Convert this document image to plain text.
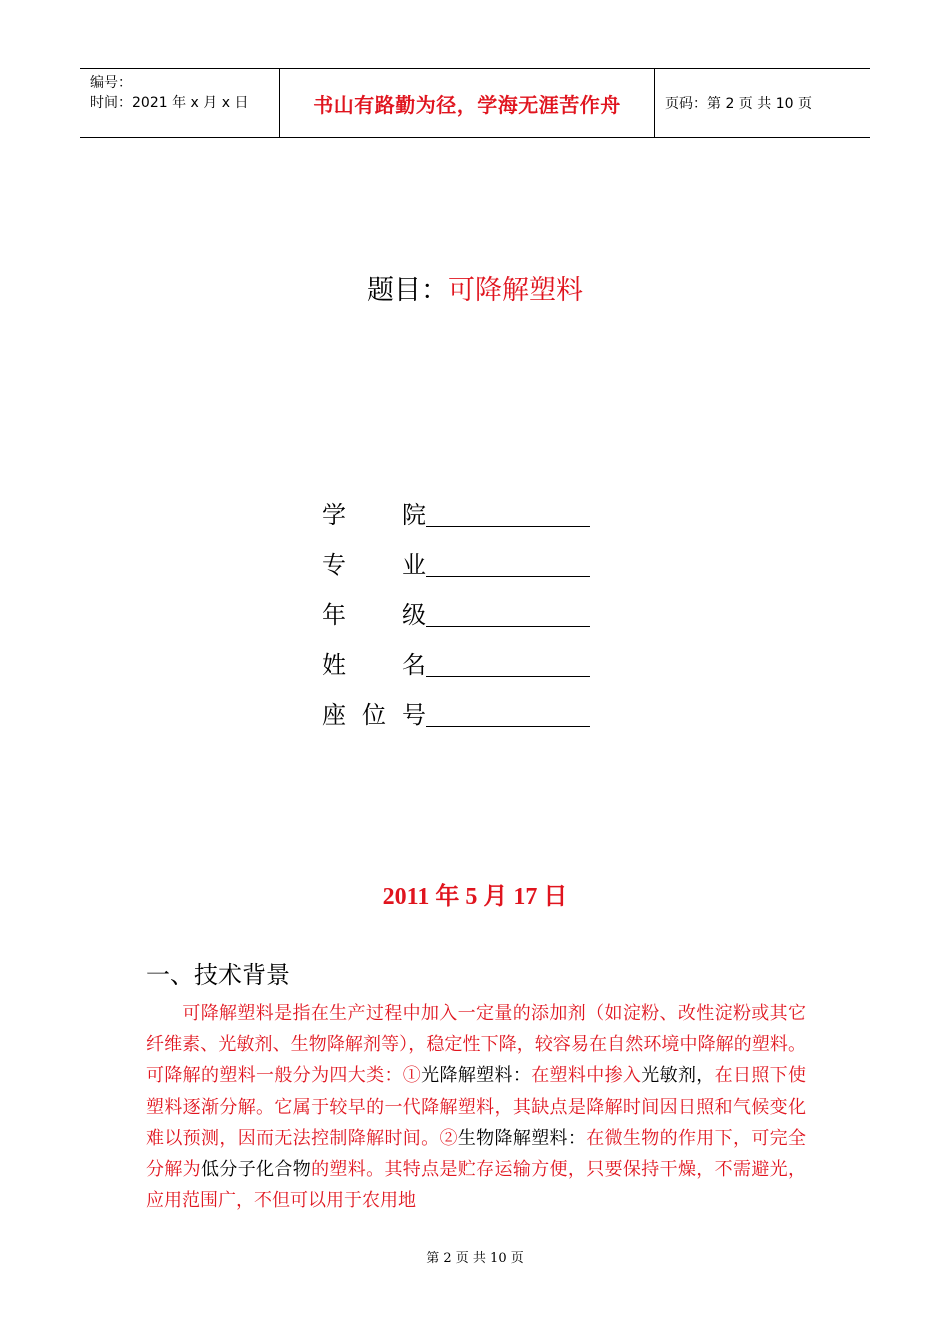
编号：
时间：2021 年 x 月 x 日	书山有路勤为径，学海无涯苦作舟	页码：第 2 页 共 10 页
题目：可降解塑料
学 院
专 业
年 级
姓 名
座 位 号
2011 年 5 月 17 日
一、技术背景
可降解塑料是指在生产过程中加入一定量的添加剂（如淀粉、改性淀粉或其它纤维素、光敏剂、生物降解剂等），稳定性下降，较容易在自然环境中降解的塑料。可降解的塑料一般分为四大类：①光降解塑料：在塑料中掺入光敏剂，在日照下使塑料逐渐分解。它属于较早的一代降解塑料，其缺点是降解时间因日照和气候变化难以预测，因而无法控制降解时间。②生物降解塑料：在微生物的作用下，可完全分解为低分子化合物的塑料。其特点是贮存运输方便，只要保持干燥，不需避光，应用范围广，不但可以用于农用地
第 2 页 共 10 页
